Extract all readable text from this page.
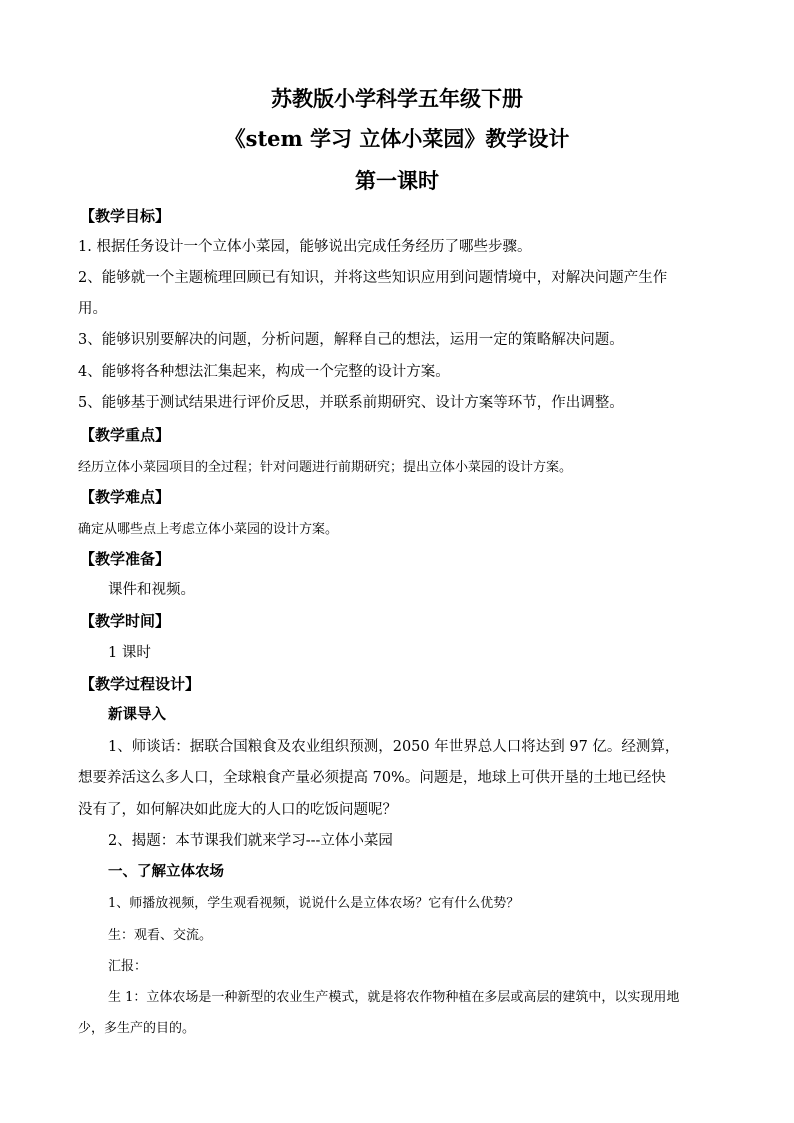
苏教版小学科学五年级下册
《stem 学习 立体小菜园》教学设计
第一课时
【教学目标】
1. 根据任务设计一个立体小菜园，能够说出完成任务经历了哪些步骤。
2、能够就一个主题梳理回顾已有知识，并将这些知识应用到问题情境中，对解决问题产生作
用。
3、能够识别要解决的问题，分析问题，解释自己的想法，运用一定的策略解决问题。
4、能够将各种想法汇集起来，构成一个完整的设计方案。
5、能够基于测试结果进行评价反思，并联系前期研究、设计方案等环节，作出调整。
【教学重点】
经历立体小菜园项目的全过程；针对问题进行前期研究；提出立体小菜园的设计方案。
【教学难点】
确定从哪些点上考虑立体小菜园的设计方案。
【教学准备】
课件和视频。
【教学时间】
1 课时
【教学过程设计】
新课导入
1、师谈话：据联合国粮食及农业组织预测，2050 年世界总人口将达到 97 亿。经测算，
想要养活这么多人口，全球粮食产量必须提高 70%。问题是，地球上可供开垦的土地已经快
没有了，如何解决如此庞大的人口的吃饭问题呢？
2、揭题：本节课我们就来学习---立体小菜园
一、了解立体农场
1、师播放视频，学生观看视频，说说什么是立体农场？它有什么优势？
生：观看、交流。
汇报：
生 1：立体农场是一种新型的农业生产模式，就是将农作物种植在多层或高层的建筑中，以实现用地
少，多生产的目的。
